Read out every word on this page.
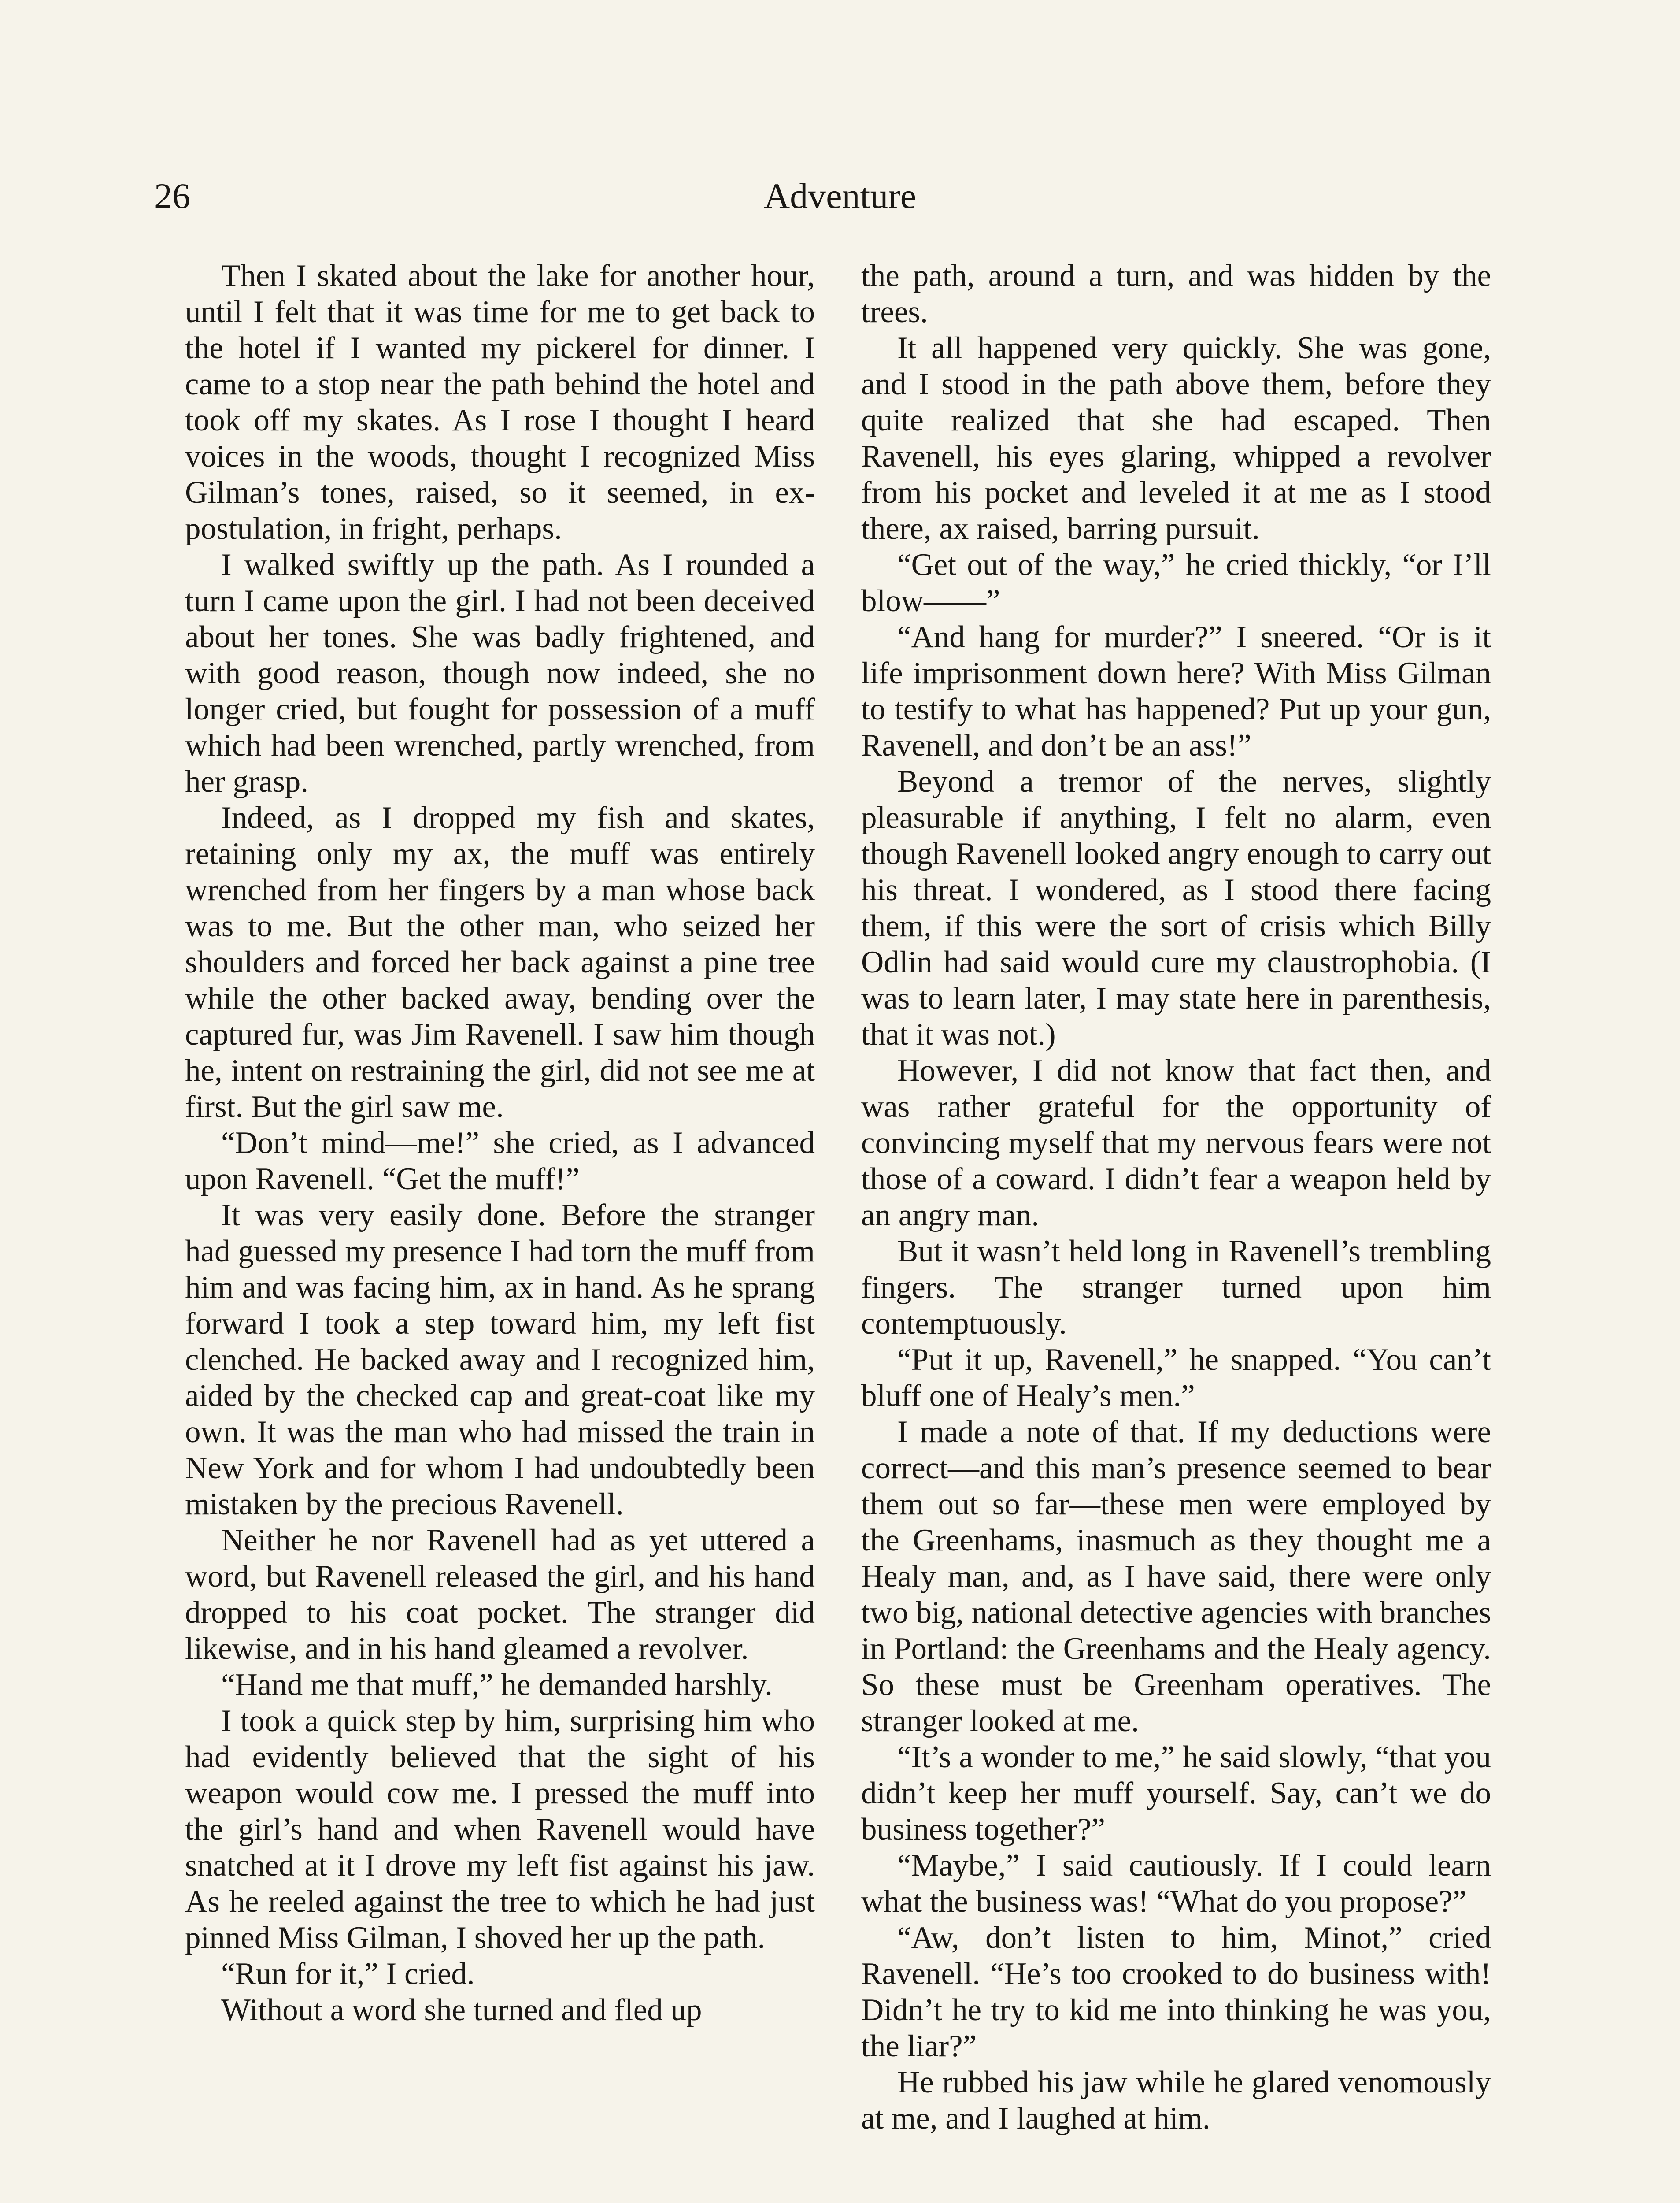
26	Adventure

Then I skated about the lake for another hour, until I felt that it was time for me to get back to the hotel if I wanted my pickerel for dinner. I came to a stop near the path behind the hotel and took off my skates. As I rose I thought I heard voices in the woods, thought I recognized Miss Gilman’s tones, raised, so it seemed, in expostulation, in fright, perhaps.

I walked swiftly up the path. As I rounded a turn I came upon the girl. I had not been deceived about her tones. She was badly frightened, and with good reason, though now indeed, she no longer cried, but fought for possession of a muff which had been wrenched, partly wrenched, from her grasp.

Indeed, as I dropped my fish and skates, retaining only my ax, the muff was entirely wrenched from her fingers by a man whose back was to me. But the other man, who seized her shoulders and forced her back against a pine tree while the other backed away, bending over the captured fur, was Jim Ravenell. I saw him though he, intent on restraining the girl, did not see me at first. But the girl saw me.

“Don’t mind—me!” she cried, as I advanced upon Ravenell. “Get the muff!”

It was very easily done. Before the stranger had guessed my presence I had torn the muff from him and was facing him, ax in hand. As he sprang forward I took a step toward him, my left fist clenched. He backed away and I recognized him, aided by the checked cap and great-coat like my own. It was the man who had missed the train in New York and for whom I had undoubtedly been mistaken by the precious Ravenell.

Neither he nor Ravenell had as yet uttered a word, but Ravenell released the girl, and his hand dropped to his coat pocket. The stranger did likewise, and in his hand gleamed a revolver.

“Hand me that muff,” he demanded harshly.

I took a quick step by him, surprising him who had evidently believed that the sight of his weapon would cow me. I pressed the muff into the girl’s hand and when Ravenell would have snatched at it I drove my left fist against his jaw. As he reeled against the tree to which he had just pinned Miss Gilman, I shoved her up the path.

“Run for it,” I cried.

Without a word she turned and fled up

the path, around a turn, and was hidden by the trees.

It all happened very quickly. She was gone, and I stood in the path above them, before they quite realized that she had escaped. Then Ravenell, his eyes glaring, whipped a revolver from his pocket and leveled it at me as I stood there, ax raised, barring pursuit.

“Get out of the way,” he cried thickly, “or I’ll blow——”

“And hang for murder?” I sneered. “Or is it life imprisonment down here? With Miss Gilman to testify to what has happened? Put up your gun, Ravenell, and don’t be an ass!”

Beyond a tremor of the nerves, slightly pleasurable if anything, I felt no alarm, even though Ravenell looked angry enough to carry out his threat. I wondered, as I stood there facing them, if this were the sort of crisis which Billy Odlin had said would cure my claustrophobia. (I was to learn later, I may state here in parenthesis, that it was not.)

However, I did not know that fact then, and was rather grateful for the opportunity of convincing myself that my nervous fears were not those of a coward. I didn’t fear a weapon held by an angry man.

But it wasn’t held long in Ravenell’s trembling fingers. The stranger turned upon him contemptuously.

“Put it up, Ravenell,” he snapped. “You can’t bluff one of Healy’s men.”

I made a note of that. If my deductions were correct—and this man’s presence seemed to bear them out so far—these men were employed by the Greenhams, inasmuch as they thought me a Healy man, and, as I have said, there were only two big, national detective agencies with branches in Portland: the Greenhams and the Healy agency. So these must be Greenham operatives. The stranger looked at me.

“It’s a wonder to me,” he said slowly, “that you didn’t keep her muff yourself. Say, can’t we do business together?”

“Maybe,” I said cautiously. If I could learn what the business was! “What do you propose?”

“Aw, don’t listen to him, Minot,” cried Ravenell. “He’s too crooked to do business with! Didn’t he try to kid me into thinking he was you, the liar?”

He rubbed his jaw while he glared venomously at me, and I laughed at him.
